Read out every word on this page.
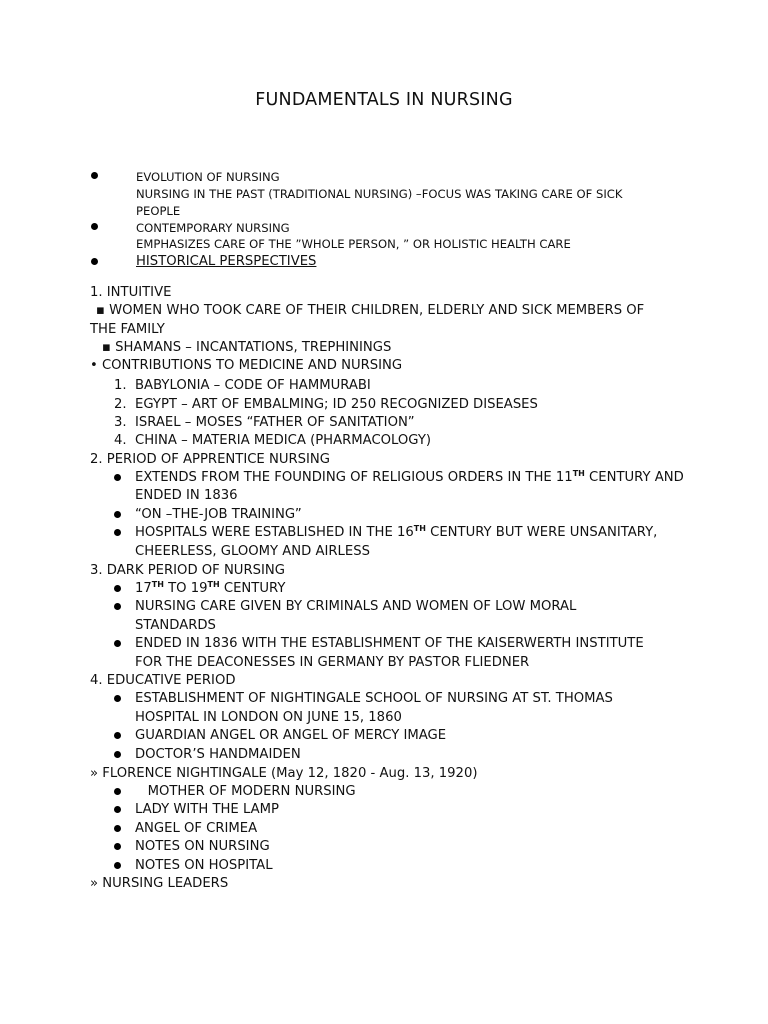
FUNDAMENTALS IN NURSING
EVOLUTION OF NURSING
NURSING IN THE PAST (TRADITIONAL NURSING) –FOCUS WAS TAKING CARE OF SICK
PEOPLE
CONTEMPORARY NURSING
EMPHASIZES CARE OF THE ”WHOLE PERSON, ” OR HOLISTIC HEALTH CARE
HISTORICAL PERSPECTIVES
1. INTUITIVE
▪ WOMEN WHO TOOK CARE OF THEIR CHILDREN, ELDERLY AND SICK MEMBERS OF
THE FAMILY
▪ SHAMANS – INCANTATIONS, TREPHININGS
• CONTRIBUTIONS TO MEDICINE AND NURSING
1. BABYLONIA – CODE OF HAMMURABI
2. EGYPT – ART OF EMBALMING; ID 250 RECOGNIZED DISEASES
3. ISRAEL – MOSES “FATHER OF SANITATION”
4. CHINA – MATERIA MEDICA (PHARMACOLOGY)
2. PERIOD OF APPRENTICE NURSING
EXTENDS FROM THE FOUNDING OF RELIGIOUS ORDERS IN THE 11TH CENTURY AND
ENDED IN 1836
“ON –THE-JOB TRAINING”
HOSPITALS WERE ESTABLISHED IN THE 16TH CENTURY BUT WERE UNSANITARY,
CHEERLESS, GLOOMY AND AIRLESS
3. DARK PERIOD OF NURSING
17TH TO 19TH CENTURY
NURSING CARE GIVEN BY CRIMINALS AND WOMEN OF LOW MORAL
STANDARDS
ENDED IN 1836 WITH THE ESTABLISHMENT OF THE KAISERWERTH INSTITUTE
FOR THE DEACONESSES IN GERMANY BY PASTOR FLIEDNER
4. EDUCATIVE PERIOD
ESTABLISHMENT OF NIGHTINGALE SCHOOL OF NURSING AT ST. THOMAS
HOSPITAL IN LONDON ON JUNE 15, 1860
GUARDIAN ANGEL OR ANGEL OF MERCY IMAGE
DOCTOR’S HANDMAIDEN
» FLORENCE NIGHTINGALE (May 12, 1820 - Aug. 13, 1920)
MOTHER OF MODERN NURSING
LADY WITH THE LAMP
ANGEL OF CRIMEA
NOTES ON NURSING
NOTES ON HOSPITAL
» NURSING LEADERS
